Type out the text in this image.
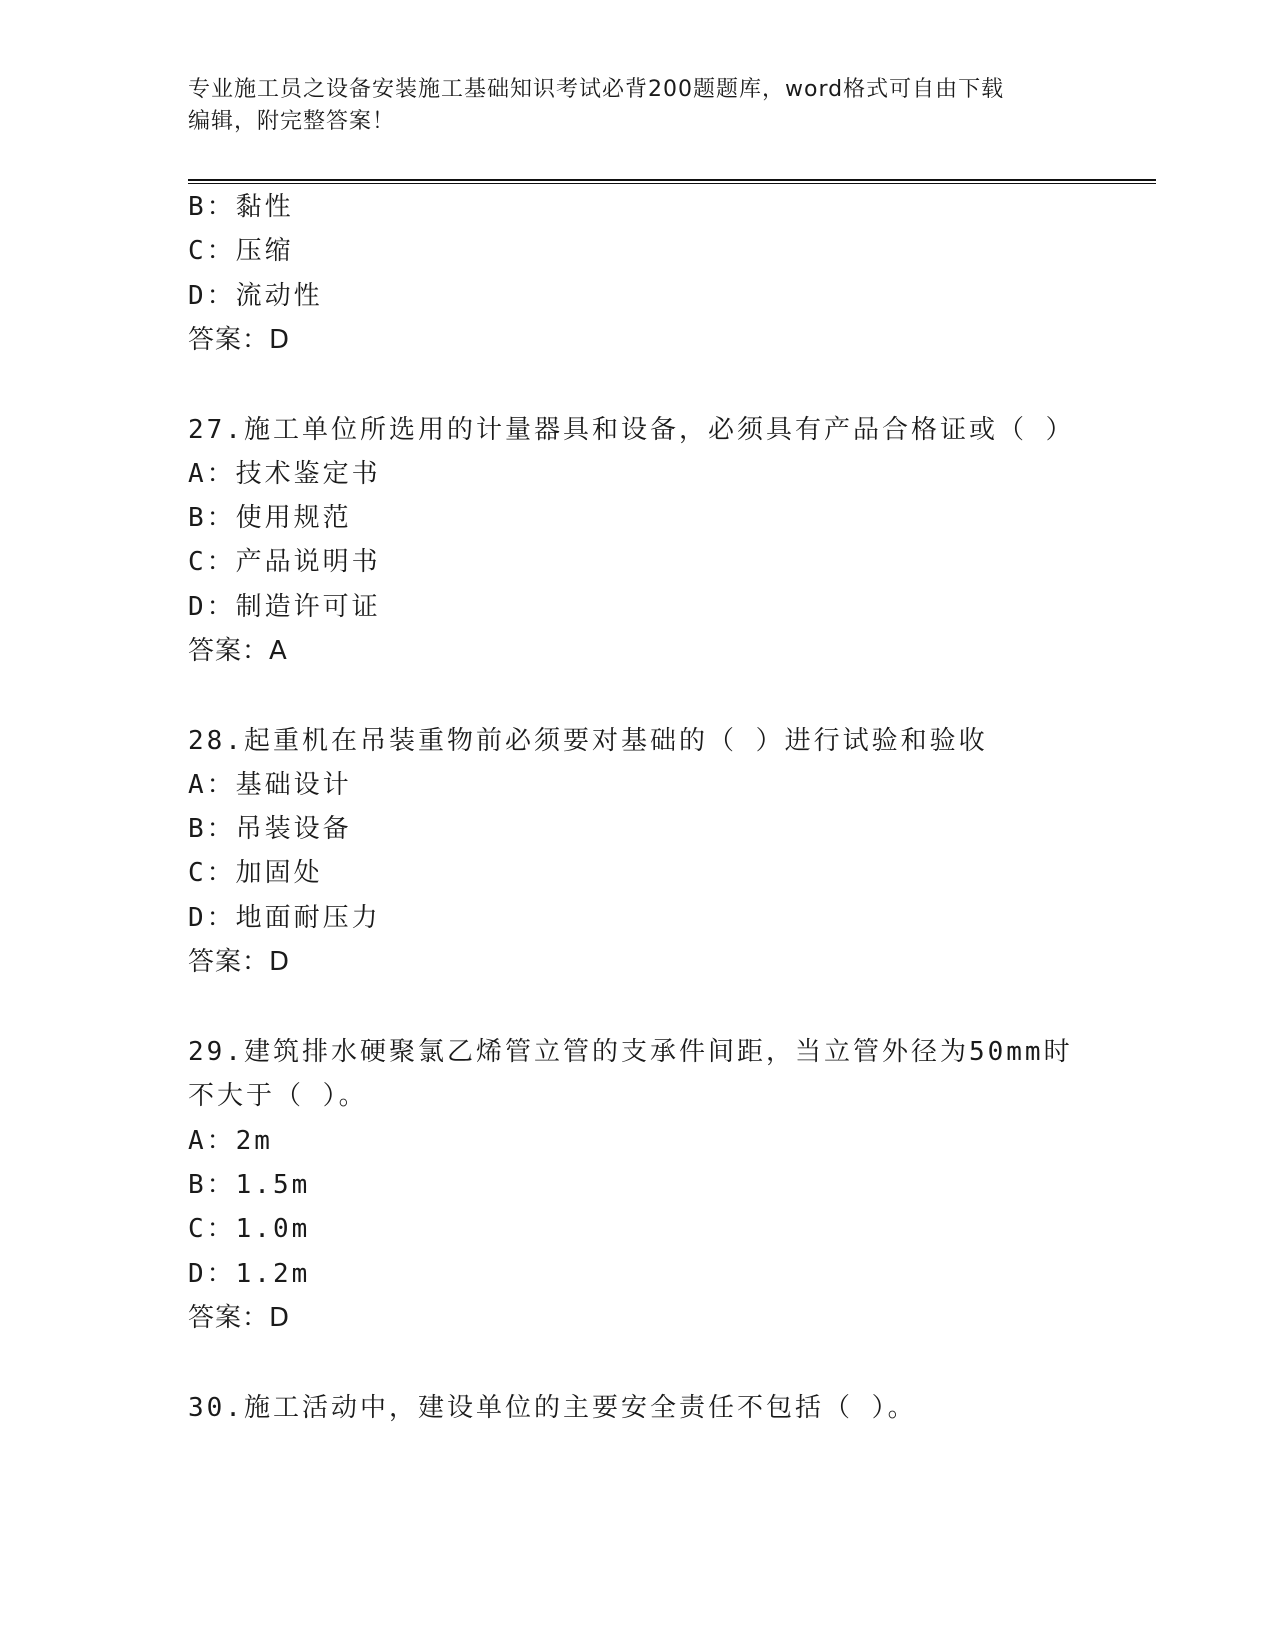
专业施工员之设备安装施工基础知识考试必背200题题库，word格式可自由下载
编辑，附完整答案！
B：黏性
C：压缩
D：流动性
答案：D
27.施工单位所选用的计量器具和设备，必须具有产品合格证或（ ）
A：技术鉴定书
B：使用规范
C：产品说明书
D：制造许可证
答案：A
28.起重机在吊装重物前必须要对基础的（ ）进行试验和验收
A：基础设计
B：吊装设备
C：加固处
D：地面耐压力
答案：D
29.建筑排水硬聚氯乙烯管立管的支承件间距，当立管外径为50mm时
不大于（ ）。
A：2m
B：1.5m
C：1.0m
D：1.2m
答案：D
30.施工活动中，建设单位的主要安全责任不包括（ ）。
